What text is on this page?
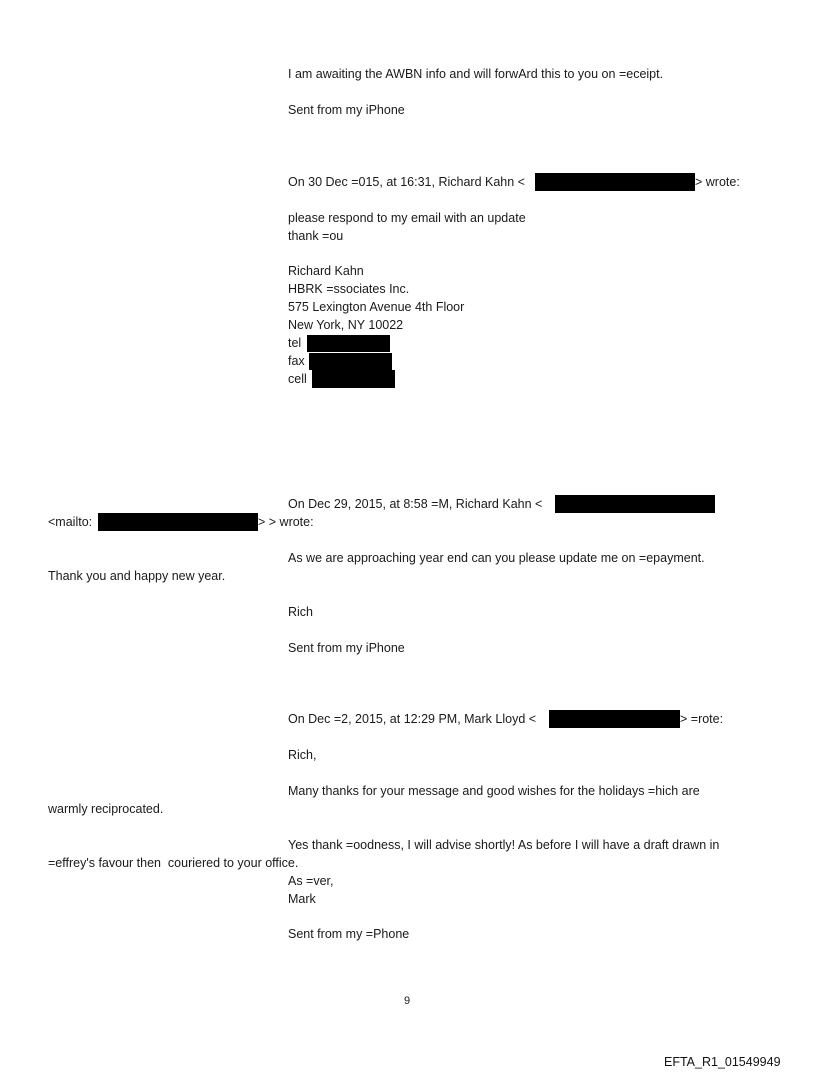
I am awaiting the AWBN info and will forwArd this to you on =eceipt.

Sent from my iPhone

On 30 Dec =015, at 16:31, Richard Kahn <	> wrote:

please respond to my email with an update

thank =ou

Richard Kahn

HBRK =ssociates Inc.

575 Lexington Avenue 4th Floor

New York, NY 10022

tel

fax

cell

On Dec 29, 2015, at 8:58 =M, Richard Kahn <

<mailto:	> > wrote:

As we are approaching year end can you please update me on =epayment.

Thank you and happy new year.

Rich

Sent from my iPhone

On Dec =2, 2015, at 12:29 PM, Mark Lloyd <	> =rote:

Rich,

Many thanks for your message and good wishes for the holidays =hich are

warmly reciprocated.

Yes thank =oodness, I will advise shortly! As before I will have a draft drawn in

=effrey's favour then  couriered to your office.

As =ver,

Mark

Sent from my =Phone

9
EFTA_R1_01549949
